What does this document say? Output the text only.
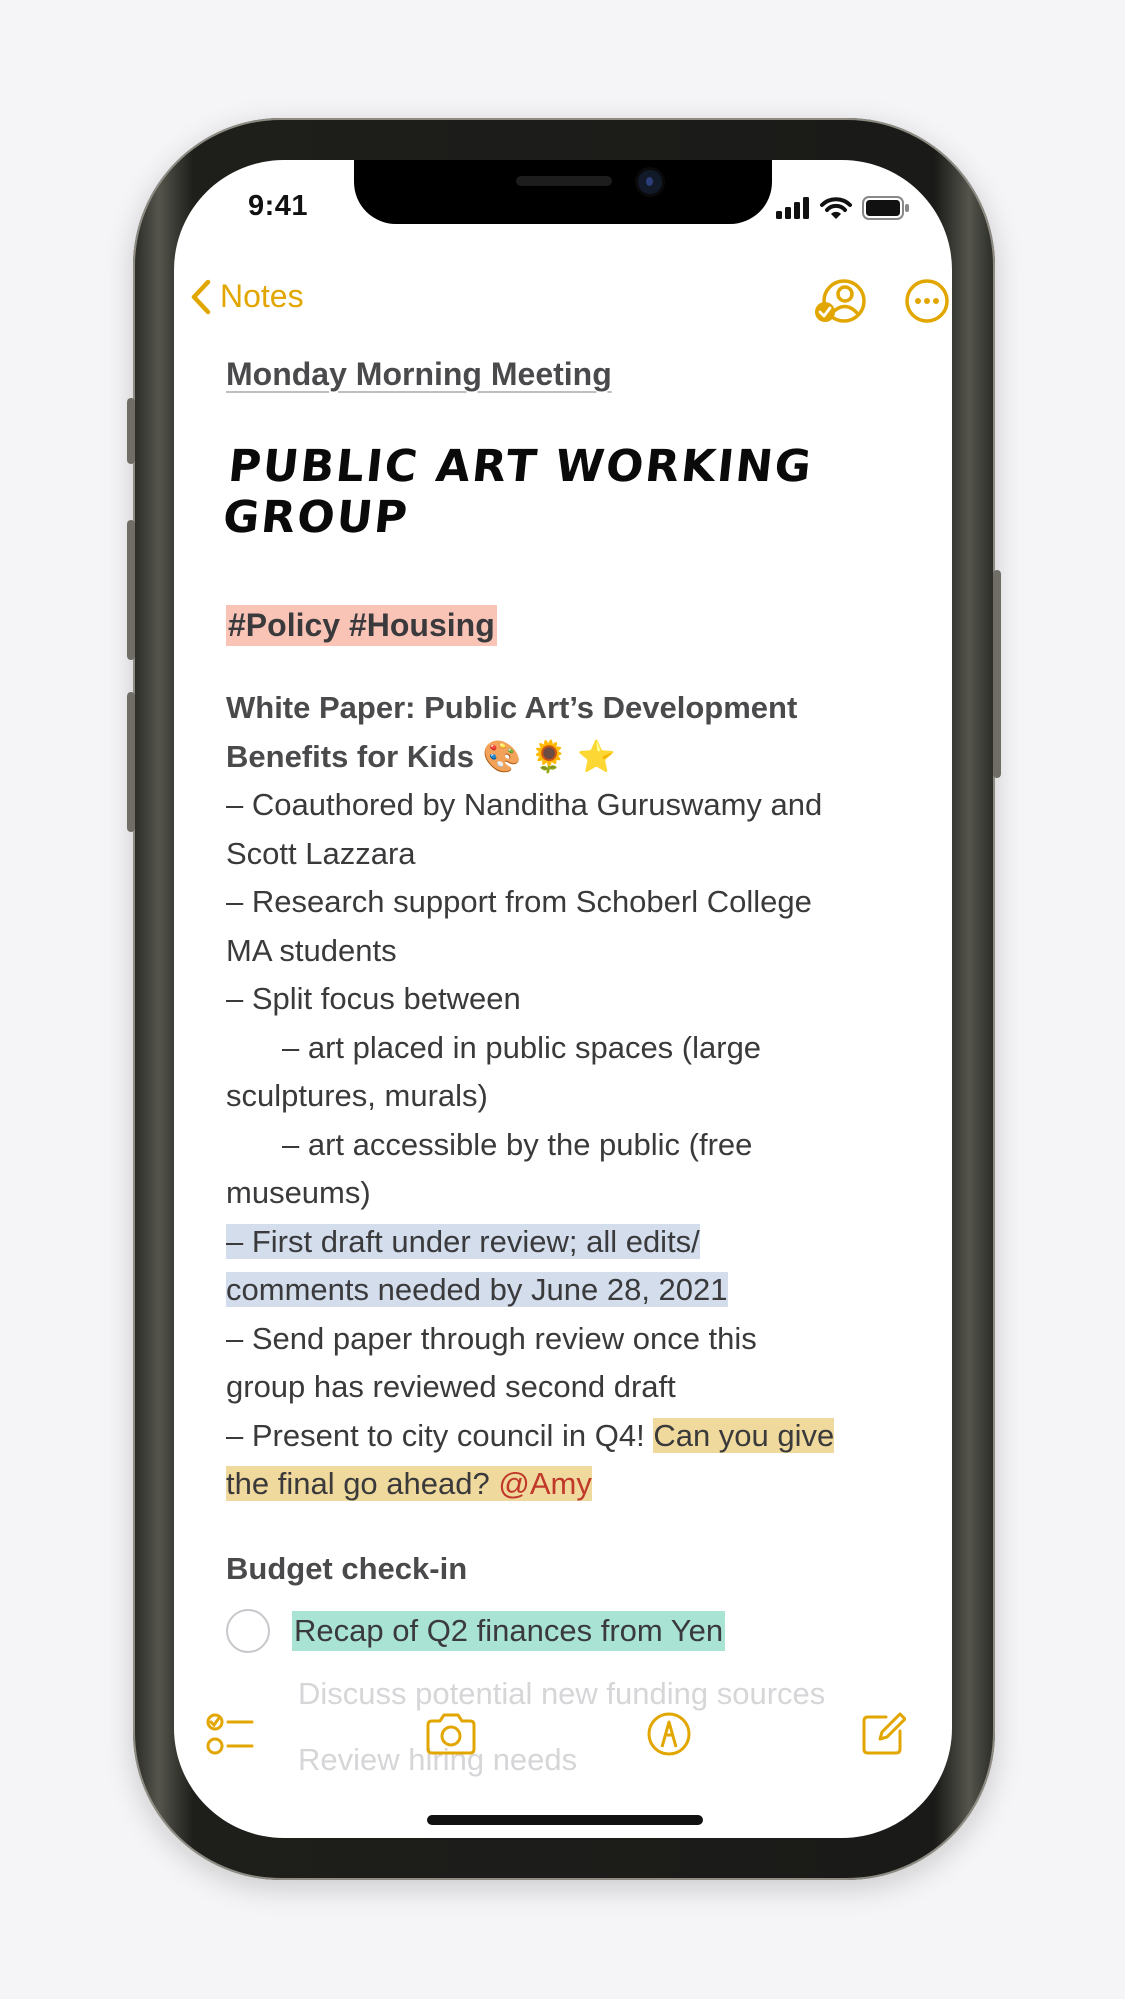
9:41
Notes

Monday Morning Meeting

PUBLIC ART WORKING GROUP
#Policy #Housing
White Paper: Public Art’s Development
Benefits for Kids 🎨 🌻 ⭐
– Coauthored by Nanditha Guruswamy and
Scott Lazzara
– Research support from Schoberl College
MA students
– Split focus between
– art placed in public spaces (large
sculptures, murals)
– art accessible by the public (free
museums)
– First draft under review; all edits/
comments needed by June 28, 2021
– Send paper through review once this
group has reviewed second draft
– Present to city council in Q4! Can you give
the final go ahead? @Amy
Budget check-in
Recap of Q2 finances from Yen
Discuss potential new funding sources
Review hiring needs
